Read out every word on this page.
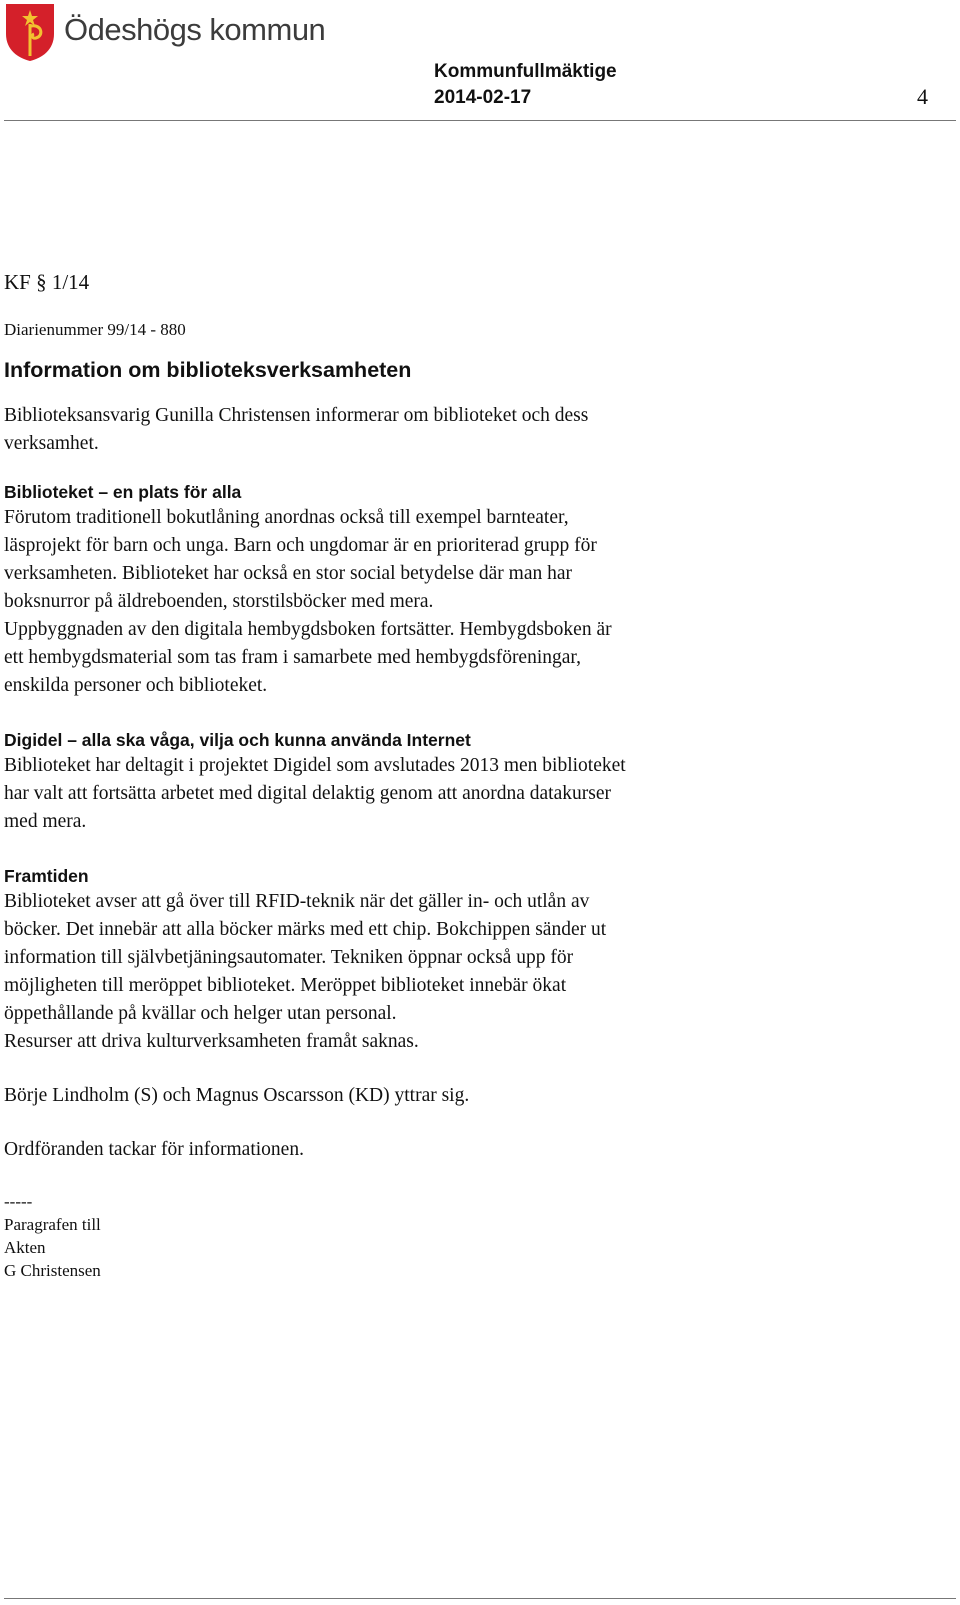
Ödeshögs kommun
Kommunfullmäktige
2014-02-17	4

KF § 1/14

Diarienummer 99/14 - 880

Information om biblioteksverksamheten

Biblioteksansvarig Gunilla Christensen informerar om biblioteket och dess

verksamhet.

Biblioteket – en plats för alla

Förutom traditionell bokutlåning anordnas också till exempel barnteater,

läsprojekt för barn och unga. Barn och ungdomar är en prioriterad grupp för

verksamheten. Biblioteket har också en stor social betydelse där man har

boksnurror på äldreboenden, storstilsböcker med mera.

Uppbyggnaden av den digitala hembygdsboken fortsätter. Hembygdsboken är

ett hembygdsmaterial som tas fram i samarbete med hembygdsföreningar,

enskilda personer och biblioteket.

Digidel – alla ska våga, vilja och kunna använda Internet

Biblioteket har deltagit i projektet Digidel som avslutades 2013 men biblioteket

har valt att fortsätta arbetet med digital delaktig genom att anordna datakurser

med mera.

Framtiden

Biblioteket avser att gå över till RFID-teknik när det gäller in- och utlån av

böcker. Det innebär att alla böcker märks med ett chip. Bokchippen sänder ut

information till självbetjäningsautomater. Tekniken öppnar också upp för

möjligheten till meröppet biblioteket. Meröppet biblioteket innebär ökat

öppethållande på kvällar och helger utan personal.

Resurser att driva kulturverksamheten framåt saknas.

Börje Lindholm (S) och Magnus Oscarsson (KD) yttrar sig.

Ordföranden tackar för informationen.

-----

Paragrafen till

Akten

G Christensen
